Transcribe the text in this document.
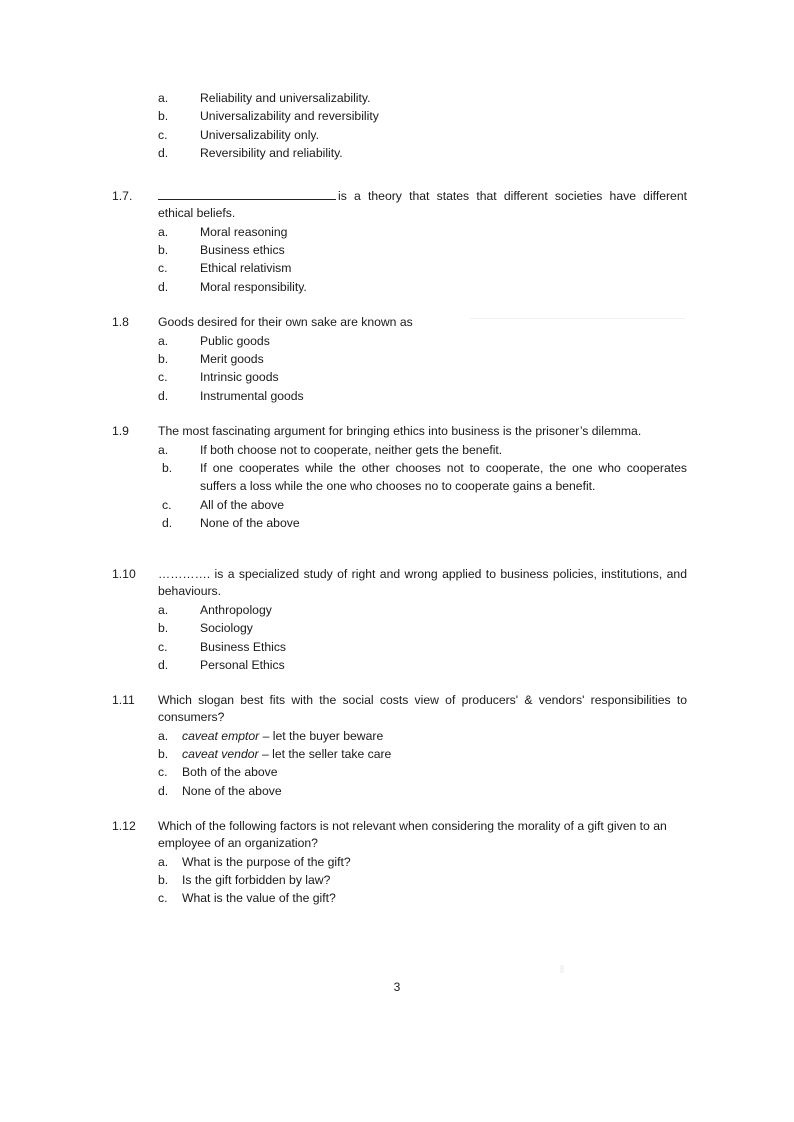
a.	Reliability and universalizability.
b.	Universalizability and reversibility
c.	Universalizability only.
d.	Reversibility and reliability.
1.7.	is a theory that states that different societies have different ethical beliefs.
a.	Moral reasoning
b.	Business ethics
c.	Ethical relativism
d.	Moral responsibility.
1.8	Goods desired for their own sake are known as
a.	Public goods
b.	Merit goods
c.	Intrinsic goods
d.	Instrumental goods
1.9	The most fascinating argument for bringing ethics into business is the prisoner’s dilemma.
a.	If both choose not to cooperate, neither gets the benefit.
b.	If one cooperates while the other chooses not to cooperate, the one who cooperates suffers a loss while the one who chooses no to cooperate gains a benefit.
c.	All of the above
d.	None of the above
1.10	…………. is a specialized study of right and wrong applied to business policies, institutions, and behaviours.
a.	Anthropology
b.	Sociology
c.	Business Ethics
d.	Personal Ethics
1.11	Which slogan best fits with the social costs view of producers' & vendors' responsibilities to consumers?
a.	caveat emptor – let the buyer beware
b.	caveat vendor – let the seller take care
c.	Both of the above
d.	None of the above
1.12	Which of the following factors is not relevant when considering the morality of a gift given to an employee of an organization?
a.	What is the purpose of the gift?
b.	Is the gift forbidden by law?
c.	What is the value of the gift?
3
